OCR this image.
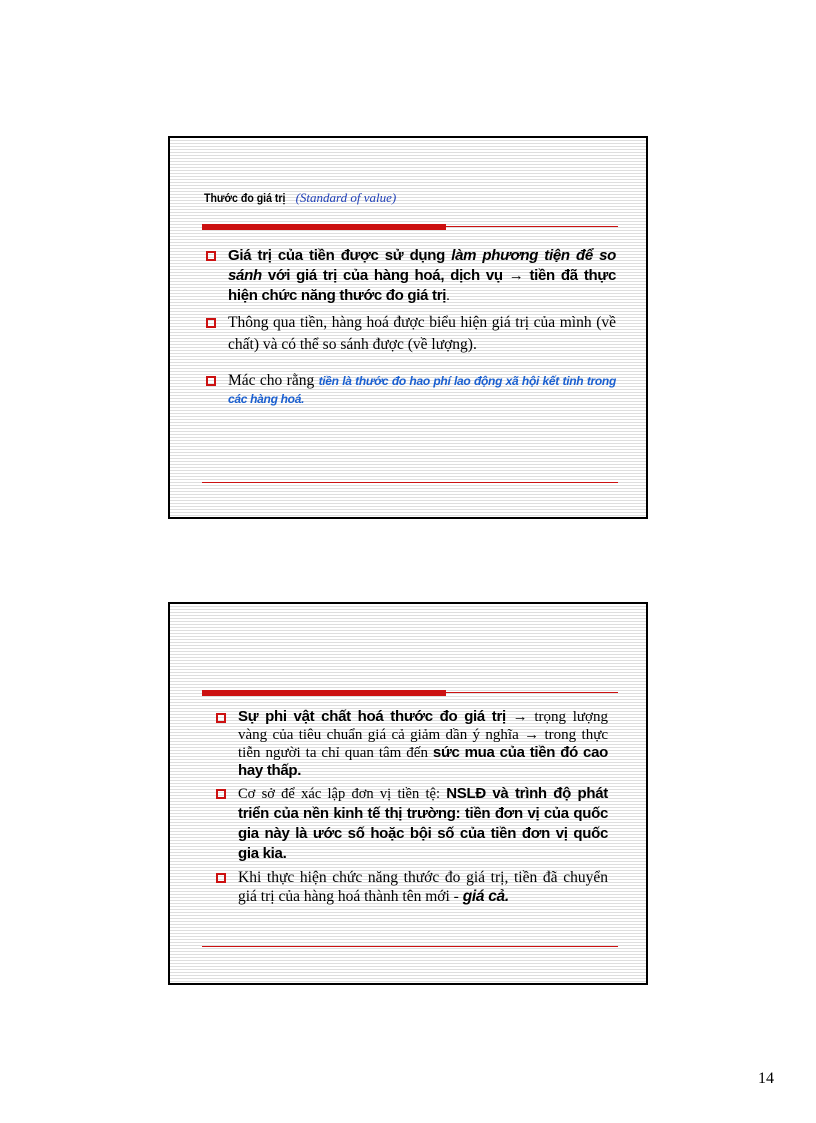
Thước đo giá trị (Standard of value)
Giá trị của tiền được sử dụng làm phương tiện để so sánh với giá trị của hàng hoá, dịch vụ → tiền đã thực hiện chức năng thước đo giá trị.
Thông qua tiền, hàng hoá được biểu hiện giá trị của mình (về chất) và có thể so sánh được (về lượng).
Mác cho rằng tiền là thước đo hao phí lao động xã hội kết tinh trong các hàng hoá.
Sự phi vật chất hoá thước đo giá trị → trọng lượng vàng của tiêu chuẩn giá cả giảm dần ý nghĩa → trong thực tiễn người ta chỉ quan tâm đến sức mua của tiền đó cao hay thấp.
Cơ sở để xác lập đơn vị tiền tệ: NSLĐ và trình độ phát triển của nền kinh tế thị trường: tiền đơn vị của quốc gia này là ước số hoặc bội số của tiền đơn vị quốc gia kia.
Khi thực hiện chức năng thước đo giá trị, tiền đã chuyển giá trị của hàng hoá thành tên mới - giá cả.
14
